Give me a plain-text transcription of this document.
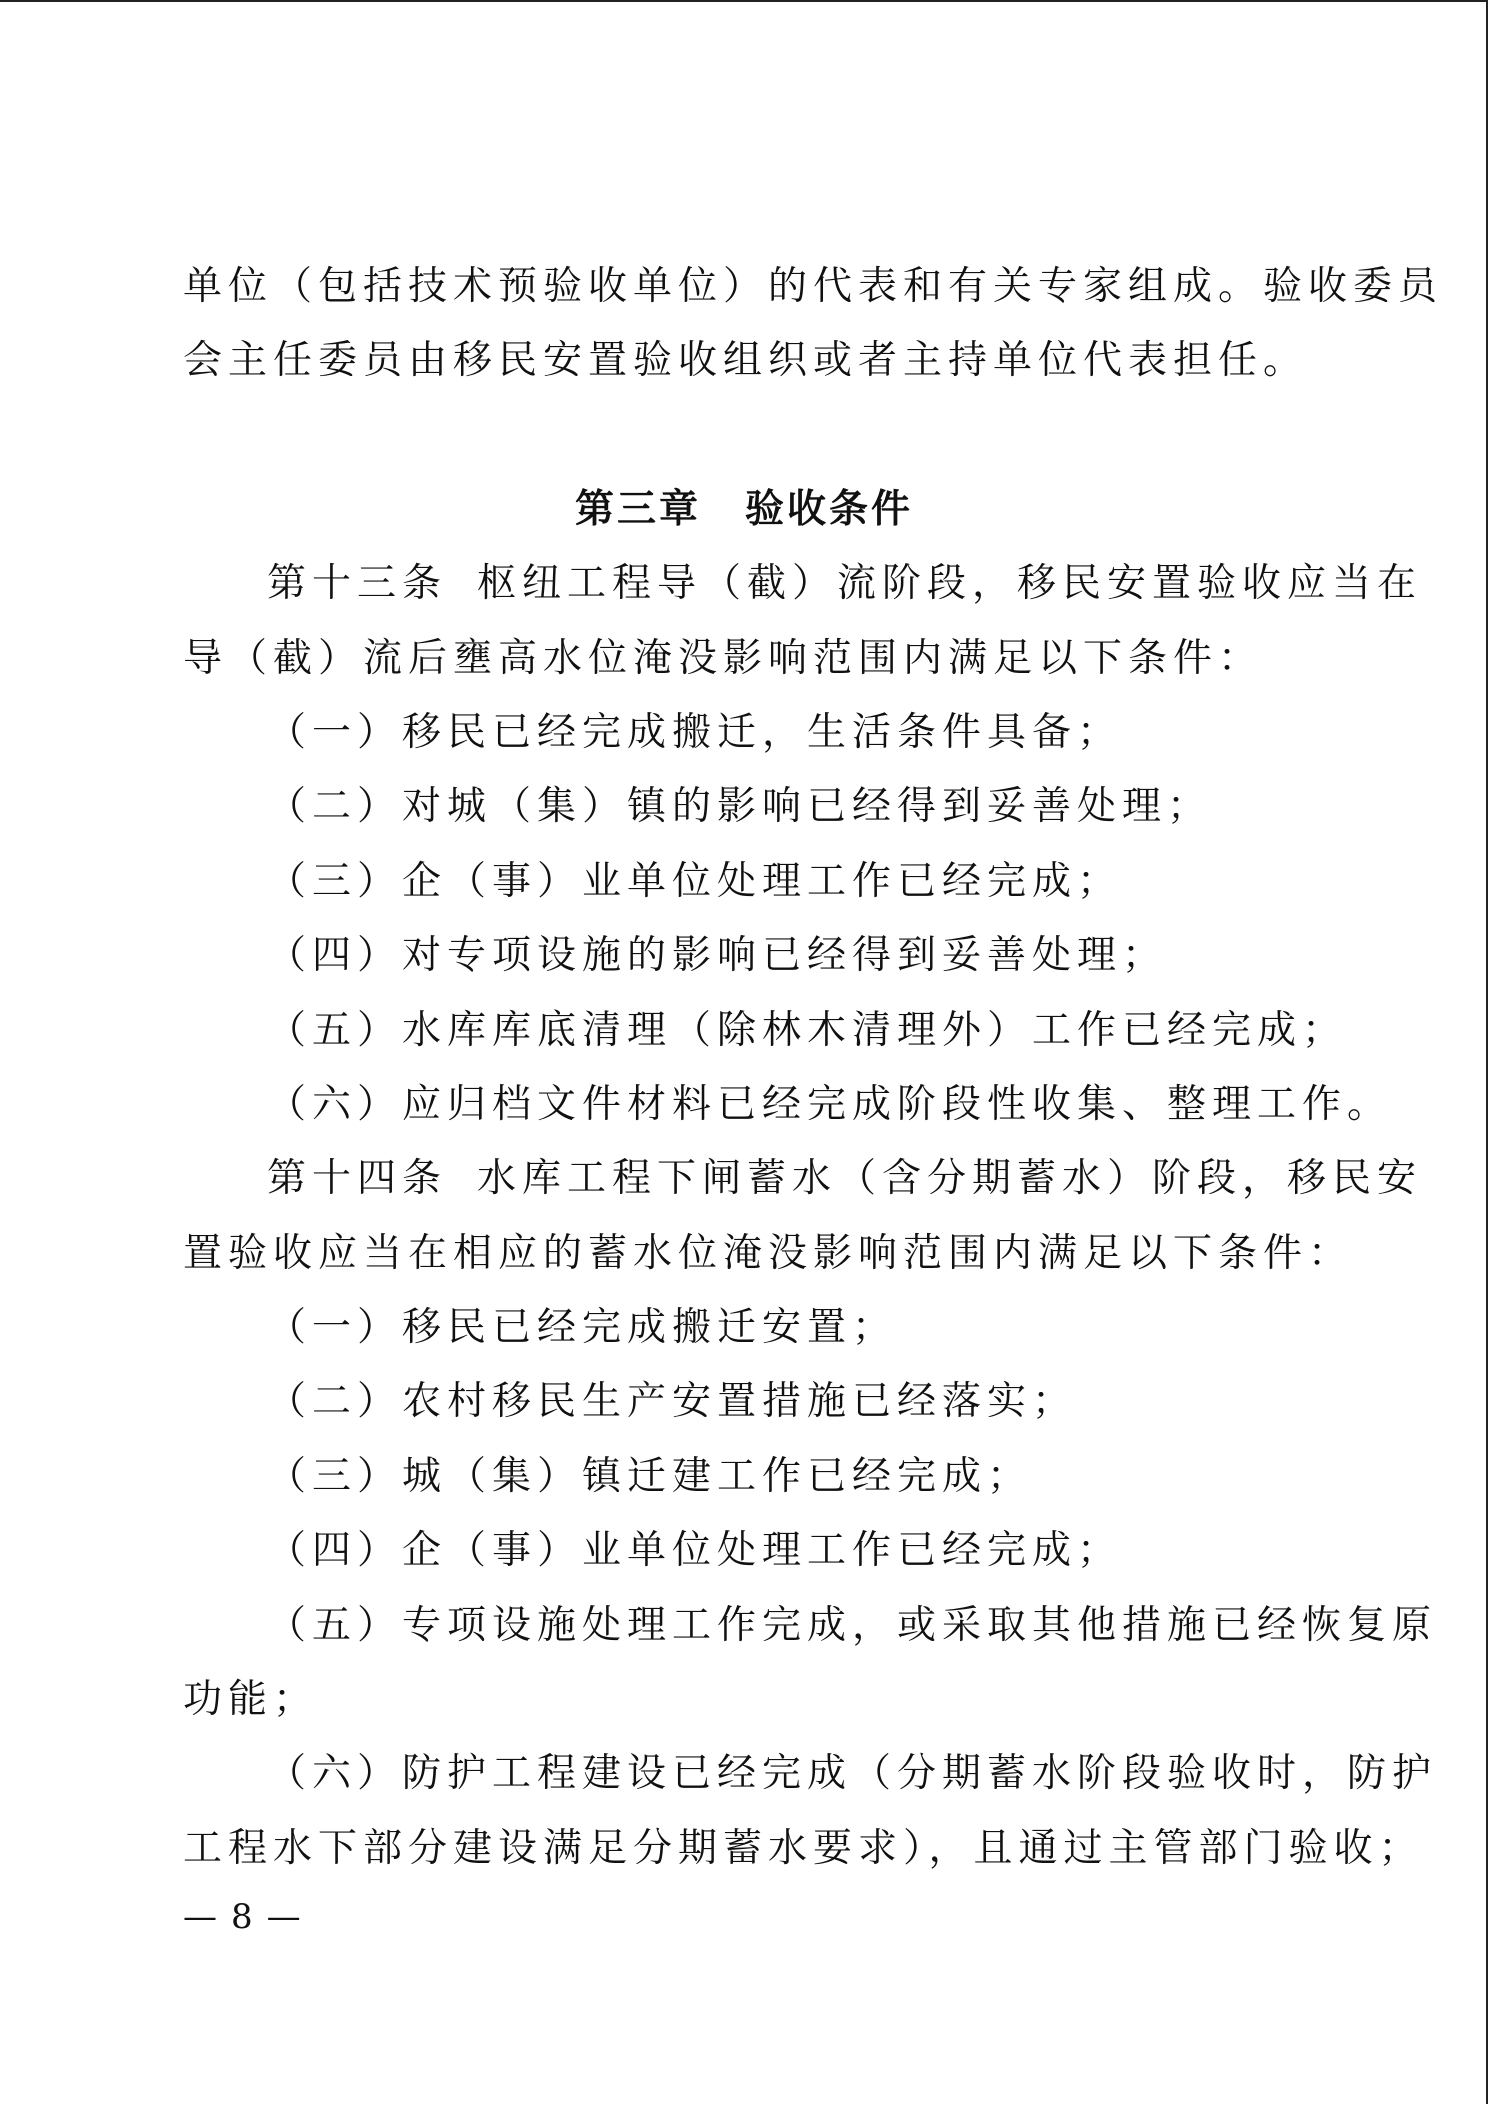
单位（包括技术预验收单位）的代表和有关专家组成。验收委员
会主任委员由移民安置验收组织或者主持单位代表担任。
第三章 验收条件
第十三条 枢纽工程导（截）流阶段，移民安置验收应当在
导（截）流后壅高水位淹没影响范围内满足以下条件：
（一）移民已经完成搬迁，生活条件具备；
（二）对城（集）镇的影响已经得到妥善处理；
（三）企（事）业单位处理工作已经完成；
（四）对专项设施的影响已经得到妥善处理；
（五）水库库底清理（除林木清理外）工作已经完成；
（六）应归档文件材料已经完成阶段性收集、整理工作。
第十四条 水库工程下闸蓄水（含分期蓄水）阶段，移民安
置验收应当在相应的蓄水位淹没影响范围内满足以下条件：
（一）移民已经完成搬迁安置；
（二）农村移民生产安置措施已经落实；
（三）城（集）镇迁建工作已经完成；
（四）企（事）业单位处理工作已经完成；
（五）专项设施处理工作完成，或采取其他措施已经恢复原
功能；
（六）防护工程建设已经完成（分期蓄水阶段验收时，防护
工程水下部分建设满足分期蓄水要求），且通过主管部门验收；
— 8 —
